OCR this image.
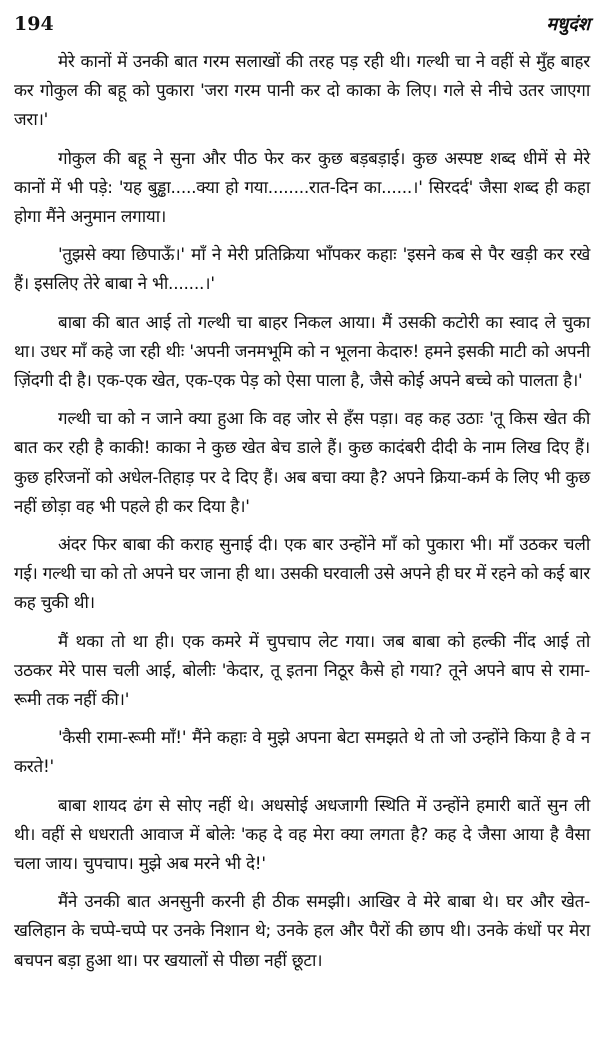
194	मधुदंश

मेरे कानों में उनकी बात गरम सलाखों की तरह पड़ रही थी। गल्थी चा ने वहीं से मुँह बाहर कर गोकुल की बहू को पुकारा 'जरा गरम पानी कर दो काका के लिए। गले से नीचे उतर जाएगा जरा।'

गोकुल की बहू ने सुना और पीठ फेर कर कुछ बड़बड़ाई। कुछ अस्पष्ट शब्द धीमें से मेरे कानों में भी पड़े: 'यह बुड्ढा.....क्या हो गया........रात-दिन का......।' सिरदर्द' जैसा शब्द ही कहा होगा मैंने अनुमान लगाया।

'तुझसे क्या छिपाऊँ।' माँ ने मेरी प्रतिक्रिया भाँपकर कहाः 'इसने कब से पैर खड़ी कर रखे हैं। इसलिए तेरे बाबा ने भी.......।'

बाबा की बात आई तो गल्थी चा बाहर निकल आया। मैं उसकी कटोरी का स्वाद ले चुका था। उधर माँ कहे जा रही थीः 'अपनी जनमभूमि को न भूलना केदारु! हमने इसकी माटी को अपनी ज़िंदगी दी है। एक-एक खेत, एक-एक पेड़ को ऐसा पाला है, जैसे कोई अपने बच्चे को पालता है।'

गल्थी चा को न जाने क्या हुआ कि वह जोर से हँस पड़ा। वह कह उठाः 'तू किस खेत की बात कर रही है काकी! काका ने कुछ खेत बेच डाले हैं। कुछ कादंबरी दीदी के नाम लिख दिए हैं। कुछ हरिजनों को अधेल-तिहाड़ पर दे दिए हैं। अब बचा क्या है? अपने क्रिया-कर्म के लिए भी कुछ नहीं छोड़ा वह भी पहले ही कर दिया है।'

अंदर फिर बाबा की कराह सुनाई दी। एक बार उन्होंने माँ को पुकारा भी। माँ उठकर चली गई। गल्थी चा को तो अपने घर जाना ही था। उसकी घरवाली उसे अपने ही घर में रहने को कई बार कह चुकी थी।

मैं थका तो था ही। एक कमरे में चुपचाप लेट गया। जब बाबा को हल्की नींद आई तो उठकर मेरे पास चली आई, बोलीः 'केदार, तू इतना निठूर कैसे हो गया? तूने अपने बाप से रामा-रूमी तक नहीं की।'

'कैसी रामा-रूमी माँ!' मैंने कहाः वे मुझे अपना बेटा समझते थे तो जो उन्होंने किया है वे न करते!'

बाबा शायद ढंग से सोए नहीं थे। अधसोई अधजागी स्थिति में उन्होंने हमारी बातें सुन ली थी। वहीं से धधराती आवाज में बोलेः 'कह दे वह मेरा क्या लगता है? कह दे जैसा आया है वैसा चला जाय। चुपचाप। मुझे अब मरने भी दे!'

मैंने उनकी बात अनसुनी करनी ही ठीक समझी। आखिर वे मेरे बाबा थे। घर और खेत-खलिहान के चप्पे-चप्पे पर उनके निशान थे; उनके हल और पैरों की छाप थी। उनके कंधों पर मेरा बचपन बड़ा हुआ था। पर खयालों से पीछा नहीं छूटा।
